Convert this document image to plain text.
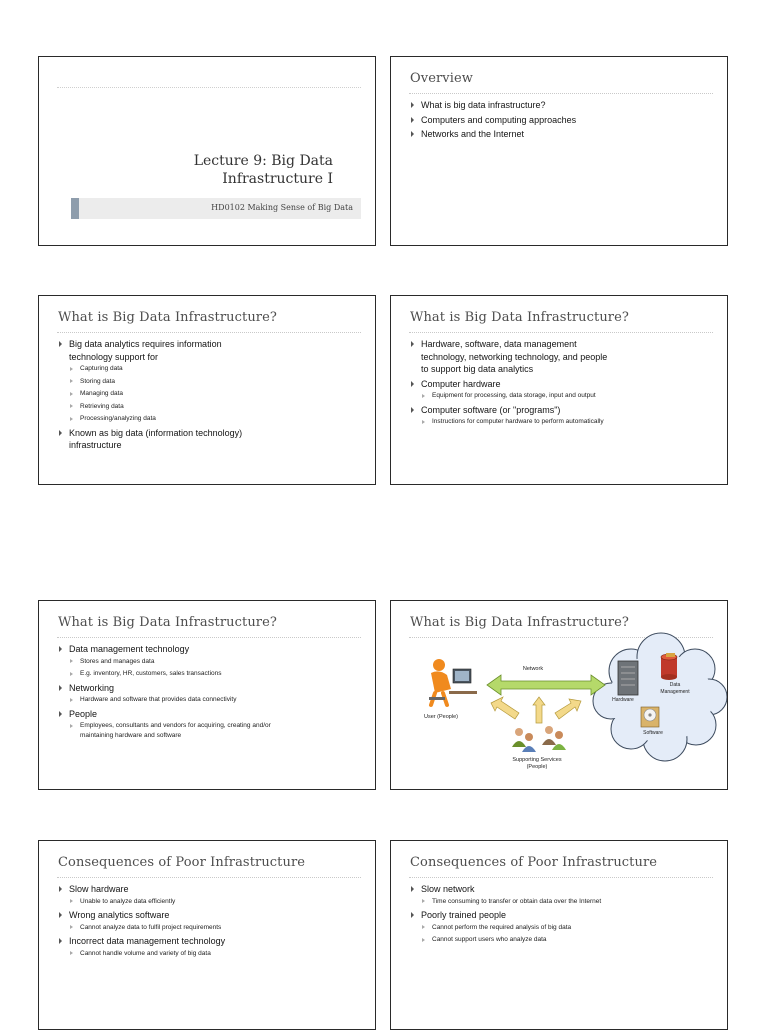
Lecture 9: Big Data
Infrastructure I
HD0102 Making Sense of Big Data
Overview
What is big data infrastructure?
Computers and computing approaches
Networks and the Internet
What is Big Data Infrastructure?
Big data analytics requires information technology support for
Capturing data
Storing data
Managing data
Retrieving data
Processing/analyzing data
Known as big data (information technology) infrastructure
What is Big Data Infrastructure?
Hardware, software, data management technology, networking technology, and people to support big data analytics
Computer hardware
Equipment for processing, data storage, input and output
Computer software (or "programs")
Instructions for computer hardware to perform automatically
What is Big Data Infrastructure?
Data management technology
Stores and manages data
E.g. inventory, HR, customers, sales transactions
Networking
Hardware and software that provides data connectivity
People
Employees, consultants and vendors for acquiring, creating and/or maintaining hardware and software
What is Big Data Infrastructure?
Hardware
Data
Management
Software
Network
User (People)
Supporting Services
(People)
Consequences of Poor Infrastructure
Slow hardware
Unable to analyze data efficiently
Wrong analytics software
Cannot analyze data to fulfil project requirements
Incorrect data management technology
Cannot handle volume and variety of big data
Consequences of Poor Infrastructure
Slow network
Time consuming to transfer or obtain data over the Internet
Poorly trained people
Cannot perform the required analysis of big data
Cannot support users who analyze data
